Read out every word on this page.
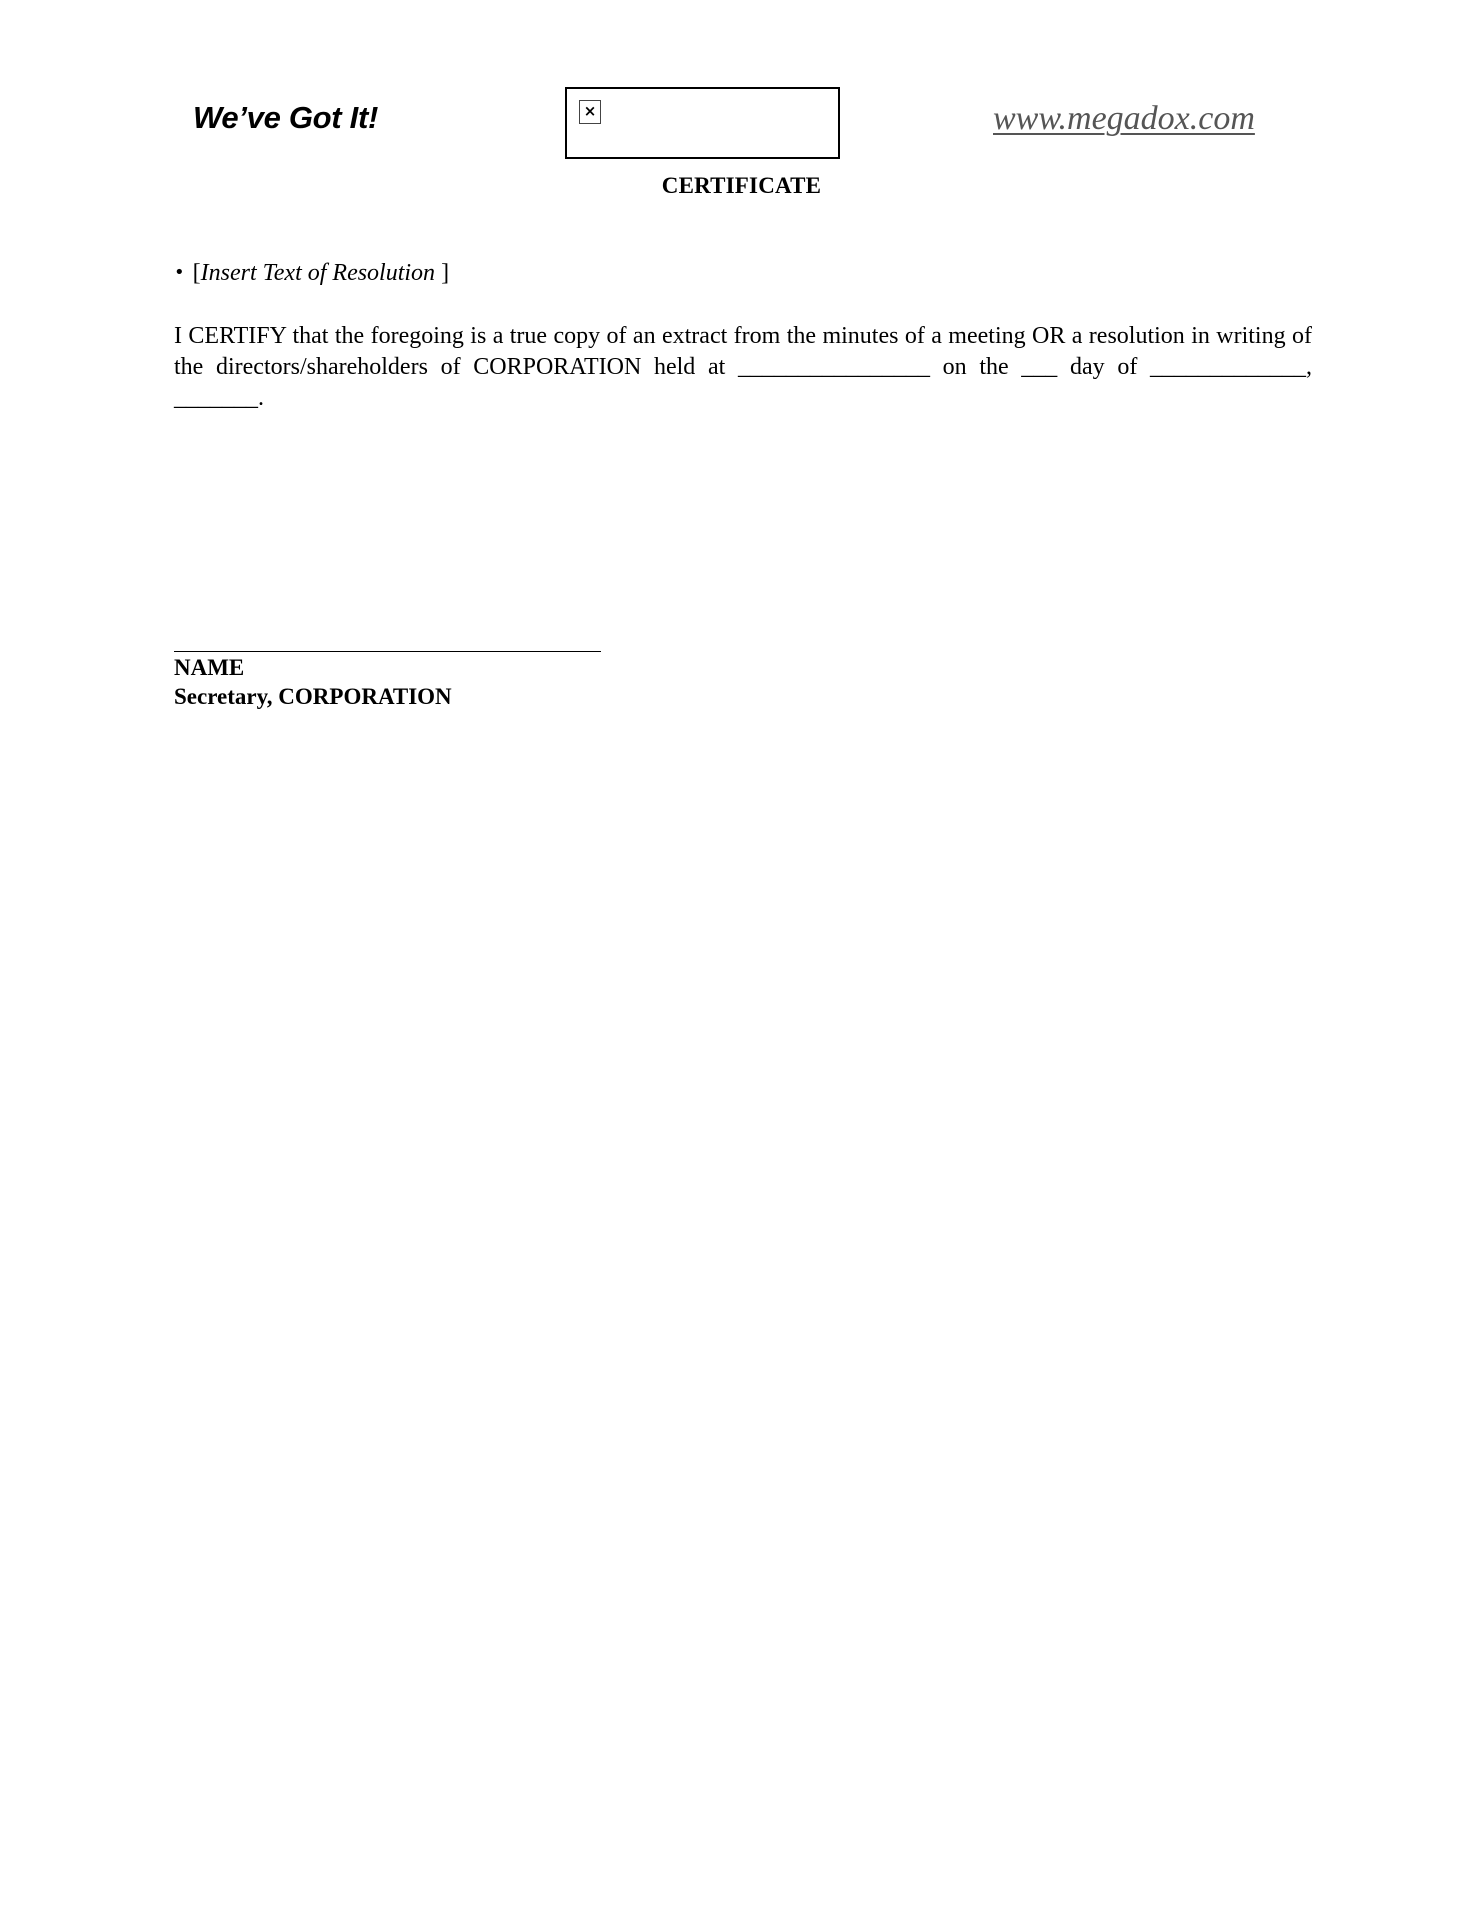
We’ve Got It!	×	www.megadox.com
CERTIFICATE
• [Insert Text of Resolution ]
I CERTIFY that the foregoing is a true copy of an extract from the minutes of a meeting OR a resolution in writing of the directors/shareholders of CORPORATION held at ________________ on the ___ day of _____________, _______.
NAME
Secretary, CORPORATION
